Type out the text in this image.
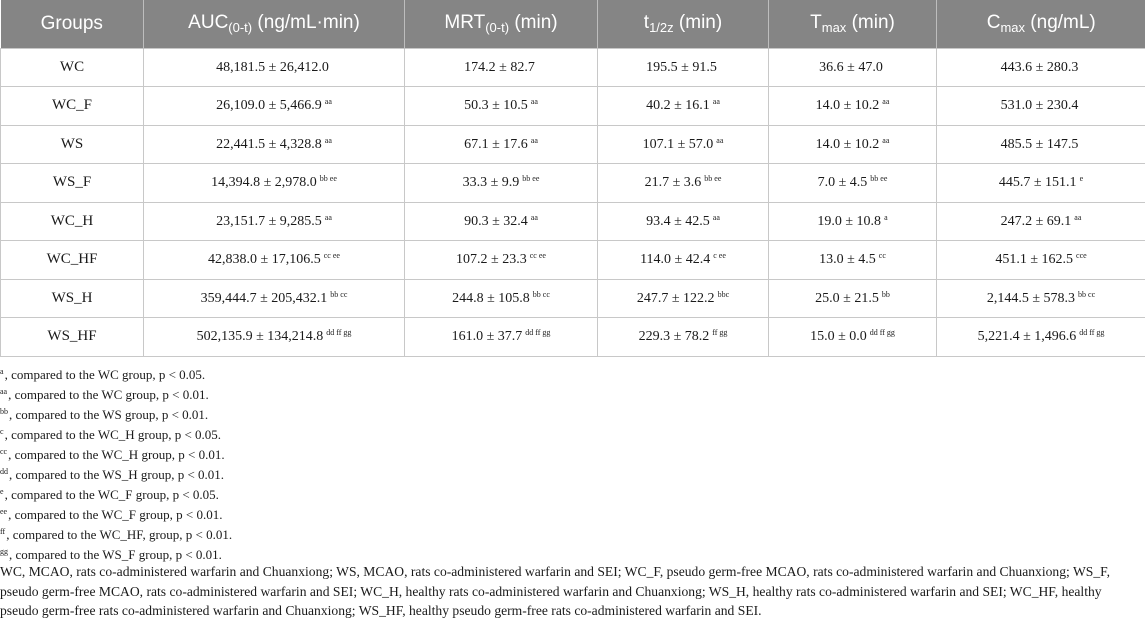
Groups	$AUC_{(0-t)}$ (ng/mL·min)	$MRT_{(0-t)}$ (min)	$t_{1/2z}$ (min)	$T_{max}$ (min)	$C_{max}$ (ng/mL)
WC	48,181.5 ± 26,412.0	174.2 ± 82.7	195.5 ± 91.5	36.6 ± 47.0	443.6 ± 280.3
WC_F	26,109.0 ± 5,466.9 $^{aa}$	50.3 ± 10.5 $^{aa}$	40.2 ± 16.1 $^{aa}$	14.0 ± 10.2 $^{aa}$	531.0 ± 230.4
WS	22,441.5 ± 4,328.8 $^{aa}$	67.1 ± 17.6 $^{aa}$	107.1 ± 57.0 $^{aa}$	14.0 ± 10.2 $^{aa}$	485.5 ± 147.5
WS_F	14,394.8 ± 2,978.0 $^{bb ee}$	33.3 ± 9.9 $^{bb ee}$	21.7 ± 3.6 $^{bb ee}$	7.0 ± 4.5 $^{bb ee}$	445.7 ± 151.1 $^e$
WC_H	23,151.7 ± 9,285.5 $^{aa}$	90.3 ± 32.4 $^{aa}$	93.4 ± 42.5 $^{aa}$	19.0 ± 10.8 $^a$	247.2 ± 69.1 $^{aa}$
WC_HF	42,838.0 ± 17,106.5 $^{cc ee}$	107.2 ± 23.3 $^{cc ee}$	114.0 ± 42.4 $^{c ee}$	13.0 ± 4.5 $^{cc}$	451.1 ± 162.5 $^{cce}$
WS_H	359,444.7 ± 205,432.1 $^{bb cc}$	244.8 ± 105.8 $^{bb cc}$	247.7 ± 122.2 $^{bbc}$	25.0 ± 21.5 $^{bb}$	2,144.5 ± 578.3 $^{bb cc}$
WS_HF	502,135.9 ± 134,214.8 $^{dd ff gg}$	161.0 ± 37.7 $^{dd ff gg}$	229.3 ± 78.2 $^{ff gg}$	15.0 ± 0.0 $^{dd ff gg}$	5,221.4 ± 1,496.6 $^{dd ff gg}$
$^a$, compared to the WC group, p < 0.05.
$^{aa}$, compared to the WC group, p < 0.01.
$^{bb}$, compared to the WS group, p < 0.01.
$^c$, compared to the WC_H group, p < 0.05.
$^{cc}$, compared to the WC_H group, p < 0.01.
$^{dd}$, compared to the WS_H group, p < 0.01.
$^e$, compared to the WC_F group, p < 0.05.
$^{ee}$, compared to the WC_F group, p < 0.01.
$^{ff}$, compared to the WC_HF, group, p < 0.01.
$^{gg}$, compared to the WS_F group, p < 0.01.
WC, MCAO, rats co-administered warfarin and Chuanxiong; WS, MCAO, rats co-administered warfarin and SEI; WC_F, pseudo germ-free MCAO, rats co-administered warfarin and Chuanxiong; WS_F, pseudo germ-free MCAO, rats co-administered warfarin and SEI; WC_H, healthy rats co-administered warfarin and Chuanxiong; WS_H, healthy rats co-administered warfarin and SEI; WC_HF, healthy pseudo germ-free rats co-administered warfarin and Chuanxiong; WS_HF, healthy pseudo germ-free rats co-administered warfarin and SEI.
